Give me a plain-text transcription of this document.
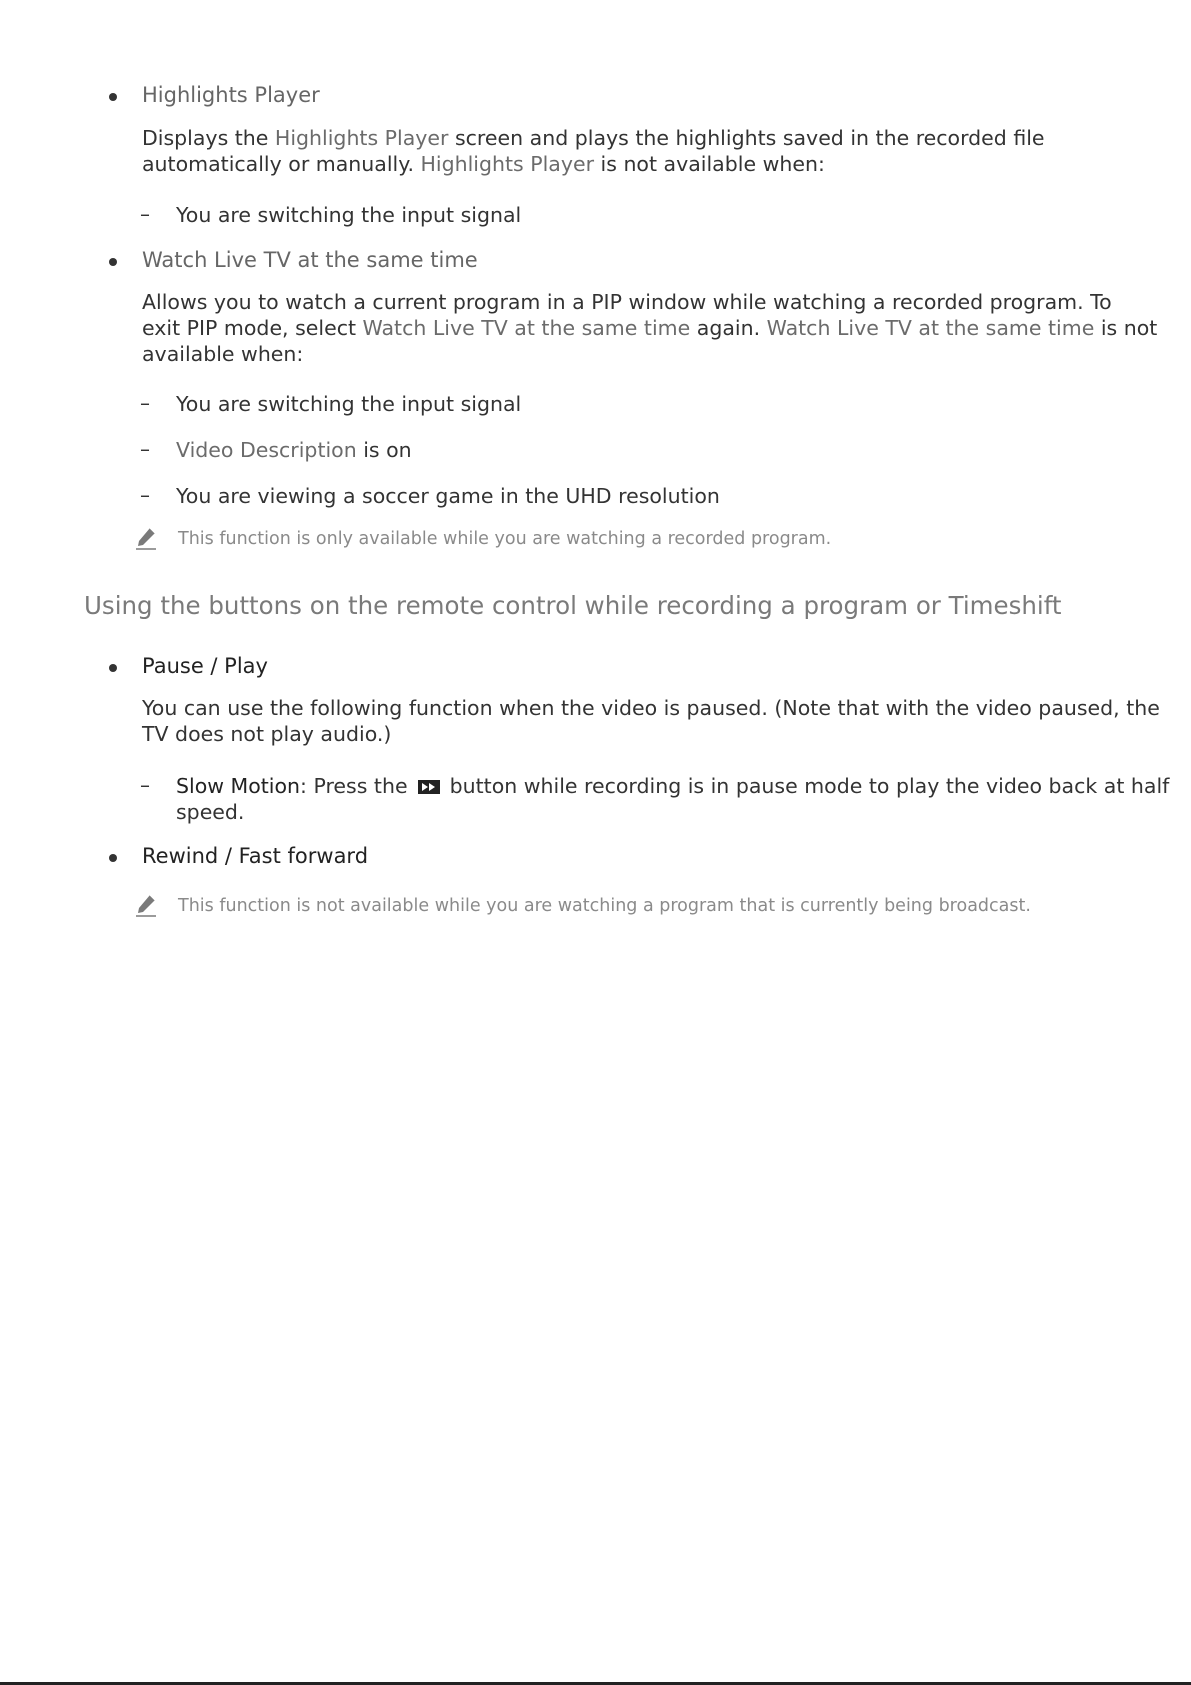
Highlights Player
Displays the Highlights Player screen and plays the highlights saved in the recorded file
automatically or manually. Highlights Player is not available when:
– You are switching the input signal
Watch Live TV at the same time
Allows you to watch a current program in a PIP window while watching a recorded program. To
exit PIP mode, select Watch Live TV at the same time again. Watch Live TV at the same time is not
available when:
– You are switching the input signal
– Video Description is on
– You are viewing a soccer game in the UHD resolution
This function is only available while you are watching a recorded program.
Using the buttons on the remote control while recording a program or Timeshift
Pause / Play
You can use the following function when the video is paused. (Note that with the video paused, the
TV does not play audio.)
– Slow Motion: Press the  button while recording is in pause mode to play the video back at half
speed.
Rewind / Fast forward
This function is not available while you are watching a program that is currently being broadcast.
